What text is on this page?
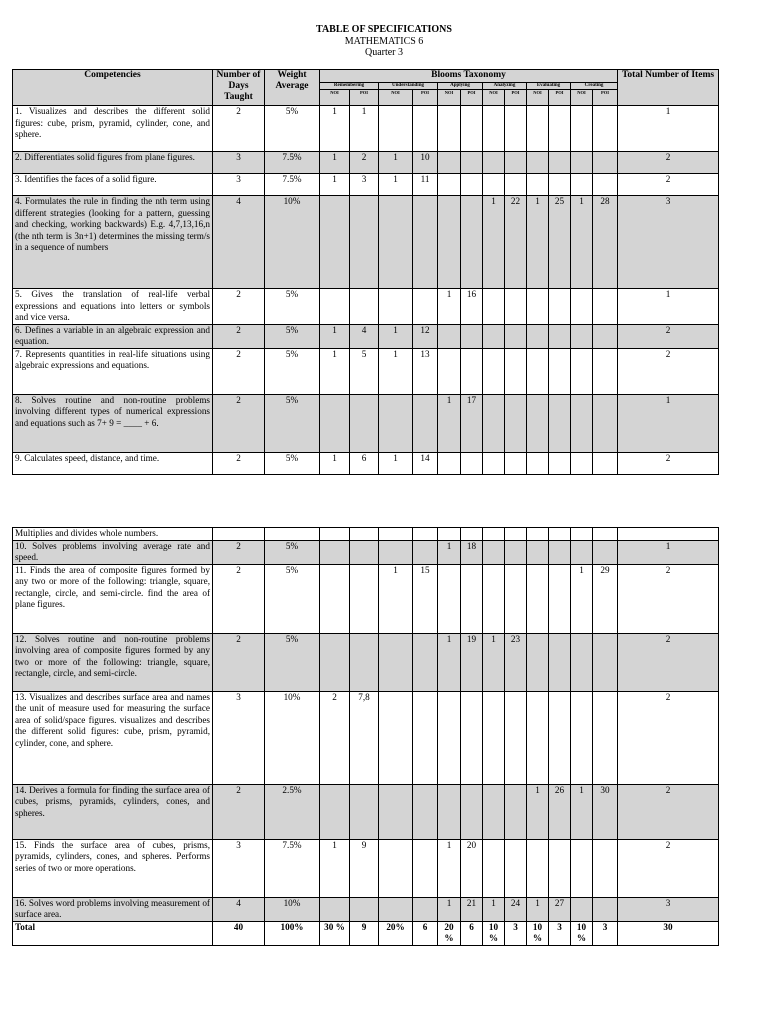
TABLE OF SPECIFICATIONS
MATHEMATICS 6
Quarter 3
Competencies	Number of Days Taught	Weight Average	Blooms Taxonomy												Total Number of Items
			Remembering		Understanding		Applying		Analyzing		Evaluating		Creating		
			NOI	POI	NOI	POI	NOI	POI	NOI	POI	NOI	POI	NOI	POI	
1. Visualizes and describes the different solid figures: cube, prism, pyramid, cylinder, cone, and sphere.	2	5%	1	1											1
2. Differentiates solid figures from plane figures.	3	7.5%	1	2	1	10									2
3. Identifies the faces of a solid figure.	3	7.5%	1	3	1	11									2
4. Formulates the rule in finding the nth term using different strategies (looking for a pattern, guessing and checking, working backwards) E.g. 4,7,13,16,n (the nth term is 3n+1) determines the missing term/s in a sequence of numbers	4	10%							1	22	1	25	1	28	3
5. Gives the translation of real-life verbal expressions and equations into letters or symbols and vice versa.	2	5%					1	16							1
6. Defines a variable in an algebraic expression and equation.	2	5%	1	4	1	12									2
7. Represents quantities in real-life situations using algebraic expressions and equations.	2	5%	1	5	1	13									2
8. Solves routine and non-routine problems involving different types of numerical expressions and equations such as 7+ 9 = ____ + 6.	2	5%					1	17							1
9. Calculates speed, distance, and time.	2	5%	1	6	1	14									2
Multiplies and divides whole numbers.															
10. Solves problems involving average rate and speed.	2	5%					1	18							1
11. Finds the area of composite figures formed by any two or more of the following: triangle, square, rectangle, circle, and semi-circle. find the area of plane figures.	2	5%			1	15							1	29	2
12. Solves routine and non-routine problems involving area of composite figures formed by any two or more of the following: triangle, square, rectangle, circle, and semi-circle.	2	5%					1	19	1	23					2
13. Visualizes and describes surface area and names the unit of measure used for measuring the surface area of solid/space figures. visualizes and describes the different solid figures: cube, prism, pyramid, cylinder, cone, and sphere.	3	10%	2	7,8											2
14. Derives a formula for finding the surface area of cubes, prisms, pyramids, cylinders, cones, and spheres.	2	2.5%									1	26	1	30	2
15. Finds the surface area of cubes, prisms, pyramids, cylinders, cones, and spheres. Performs series of two or more operations.	3	7.5%	1	9			1	20							2
16. Solves word problems involving measurement of surface area.	4	10%					1	21	1	24	1	27			3
Total	40	100%	30 %	9	20%	6	20 %	6	10 %	3	10 %	3	10 %	3	30
